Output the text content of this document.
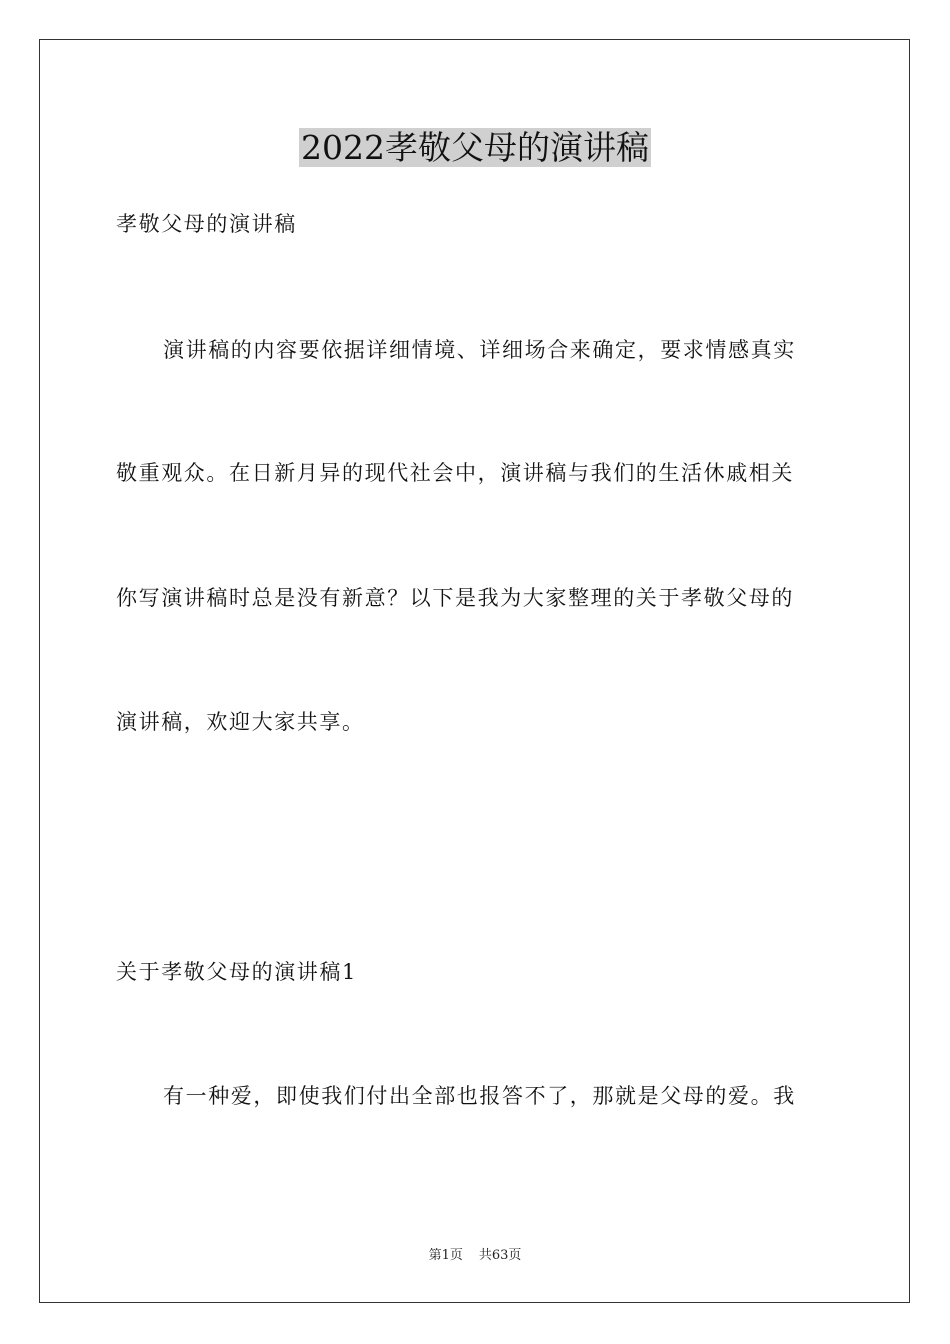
2022孝敬父母的演讲稿
孝敬父母的演讲稿
演讲稿的内容要依据详细情境、详细场合来确定，要求情感真实
敬重观众。在日新月异的现代社会中，演讲稿与我们的生活休戚相关
你写演讲稿时总是没有新意？以下是我为大家整理的关于孝敬父母的
演讲稿，欢迎大家共享。
关于孝敬父母的演讲稿1
有一种爱，即使我们付出全部也报答不了，那就是父母的爱。我
第1页 共63页
